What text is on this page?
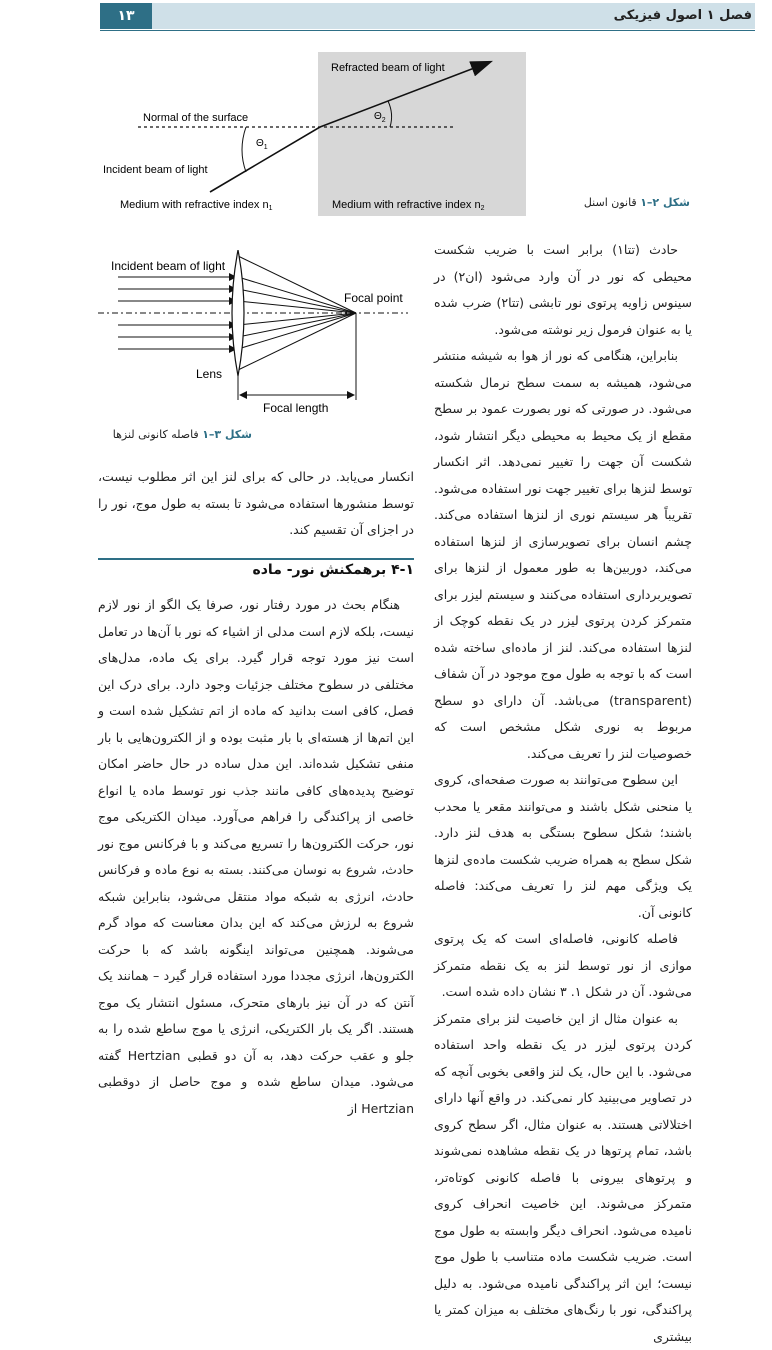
۱۳	فصل ۱ اصول فیزیکی
Refracted beam of light
Normal of the surface
Incident beam of light
$\Theta_1$
$\Theta_2$
Medium with refractive index n1	Medium with refractive index n2	شکل ۲–۱ قانون اسنل
Incident beam of light
Focal point
Lens
Focal length
شکل ۳–۱ فاصله کانونی لنزها

حادث (تتا۱) برابر است با ضریب شکست محیطی که نور در آن وارد می‌شود (ان۲) در سینوس زاویه پرتوی نور تابشی (تتا۲) ضرب شده یا به عنوان فرمول زیر نوشته می‌شود.

بنابراین، هنگامی که نور از هوا به شیشه منتشر می‌شود، همیشه به سمت سطح نرمال شکسته می‌شود. در صورتی که نور بصورت عمود بر سطح مقطع از یک محیط به محیطی دیگر انتشار شود، شکست آن جهت را تغییر نمی‌دهد. اثر انکسار توسط لنزها برای تغییر جهت نور استفاده می‌شود. تقریباً هر سیستم نوری از لنزها استفاده می‌کند. چشم انسان برای تصویرسازی از لنزها استفاده می‌کند، دوربین‌ها به طور معمول از لنزها برای تصویربرداری استفاده می‌کنند و سیستم لیزر برای متمرکز کردن پرتوی لیزر در یک نقطه کوچک از لنزها استفاده می‌کند. لنز از ماده‌ای ساخته شده است که با توجه به طول موج موجود در آن شفاف (transparent) می‌باشد. آن دارای دو سطح مربوط به نوری شکل مشخص است که خصوصیات لنز را تعریف می‌کند.

این سطوح می‌توانند به صورت صفحه‌ای، کروی یا منحنی شکل باشند و می‌توانند مقعر یا محدب باشند؛ شکل سطوح بستگی به هدف لنز دارد. شکل سطح به همراه ضریب شکست ماده‌ی لنزها یک ویژگی مهم لنز را تعریف می‌کند: فاصله کانونی آن.

فاصله کانونی، فاصله‌ای است که یک پرتوی موازی از نور توسط لنز به یک نقطه متمرکز می‌شود. آن در شکل ۱. ۳ نشان داده شده است.

به عنوان مثال از این خاصیت لنز برای متمرکز کردن پرتوی لیزر در یک نقطه واحد استفاده می‌شود. با این حال، یک لنز واقعی بخوبی آنچه که در تصاویر می‌بینید کار نمی‌کند. در واقع آنها دارای اختلالاتی هستند. به عنوان مثال، اگر سطح کروی باشد، تمام پرتوها در یک نقطه مشاهده نمی‌شوند و پرتوهای بیرونی با فاصله کانونی کوتاه‌تر، متمرکز می‌شوند. این خاصیت انحراف کروی نامیده می‌شود. انحراف دیگر وابسته به طول موج است. ضریب شکست ماده متناسب با طول موج نیست؛ این اثر پراکندگی نامیده می‌شود. به دلیل پراکندگی، نور با رنگ‌های مختلف به میزان کمتر یا بیشتری

انکسار می‌یابد. در حالی که برای لنز این اثر مطلوب نیست، توسط منشورها استفاده می‌شود تا بسته به طول موج، نور را در اجزای آن تقسیم کند.

۴-۱ برهمکنش نور- ماده

هنگام بحث در مورد رفتار نور، صرفا یک الگو از نور لازم نیست، بلکه لازم است مدلی از اشیاء که نور با آن‌ها در تعامل است نیز مورد توجه قرار گیرد. برای یک ماده، مدل‌های مختلفی در سطوح مختلف جزئیات وجود دارد. برای درک این فصل، کافی است بدانید که ماده از اتم تشکیل شده است و این اتم‌ها از هسته‌ای با بار مثبت بوده و از الکترون‌هایی با بار منفی تشکیل شده‌اند. این مدل ساده در حال حاضر امکان توضیح پدیده‌های کافی مانند جذب نور توسط ماده یا انواع خاصی از پراکندگی را فراهم می‌آورد. میدان الکتریکی موج نور، حرکت الکترون‌ها را تسریع می‌کند و با فرکانس موج نور حادث، شروع به نوسان می‌کنند. بسته به نوع ماده و فرکانس حادث، انرژی به شبکه مواد منتقل می‌شود، بنابراین شبکه شروع به لرزش می‌کند که این بدان معناست که مواد گرم می‌شوند. همچنین می‌تواند اینگونه باشد که با حرکت الکترون‌ها، انرژی مجددا مورد استفاده قرار گیرد – همانند یک آنتن که در آن نیز بارهای متحرک، مسئول انتشار یک موج هستند. اگر یک بار الکتریکی، انرژی یا موج ساطع شده را به جلو و عقب حرکت دهد، به آن دو قطبی Hertzian گفته می‌شود. میدان ساطع شده و موج حاصل از دوقطبی Hertzian از
